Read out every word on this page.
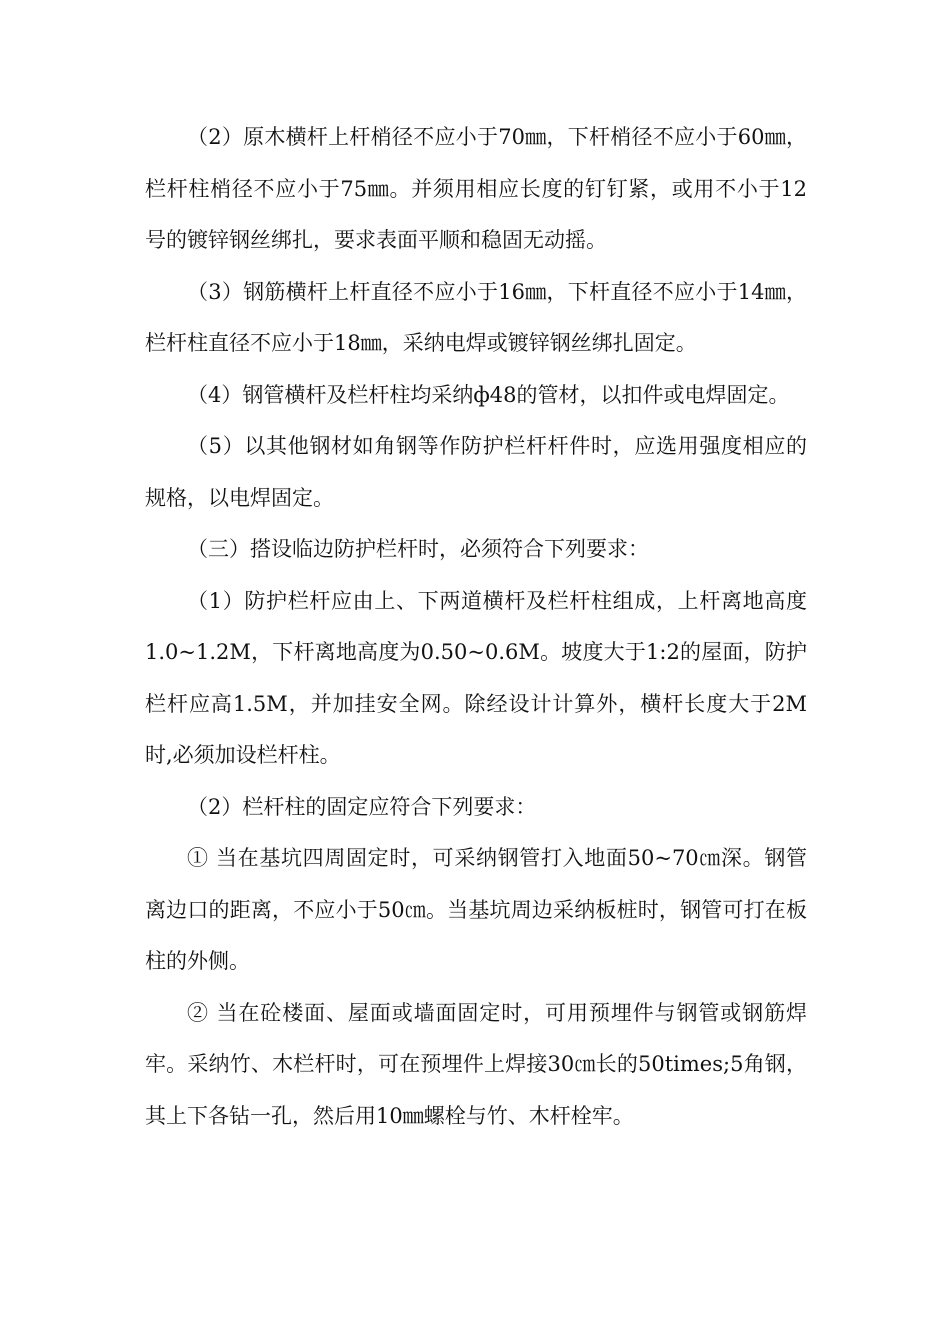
（2）原木横杆上杆梢径不应小于70㎜，下杆梢径不应小于60㎜，栏杆柱梢径不应小于75㎜。并须用相应长度的钉钉紧，或用不小于12号的镀锌钢丝绑扎，要求表面平顺和稳固无动摇。

（3）钢筋横杆上杆直径不应小于16㎜，下杆直径不应小于14㎜，栏杆柱直径不应小于18㎜，采纳电焊或镀锌钢丝绑扎固定。

（4）钢管横杆及栏杆柱均采纳ф48的管材，以扣件或电焊固定。

（5）以其他钢材如角钢等作防护栏杆杆件时，应选用强度相应的规格，以电焊固定。

（三）搭设临边防护栏杆时，必须符合下列要求：

（1）防护栏杆应由上、下两道横杆及栏杆柱组成，上杆离地高度1.0~1.2M，下杆离地高度为0.50~0.6M。坡度大于1:2的屋面，防护栏杆应高1.5M，并加挂安全网。除经设计计算外，横杆长度大于2M时,必须加设栏杆柱。

（2）栏杆柱的固定应符合下列要求：

① 当在基坑四周固定时，可采纳钢管打入地面50~70㎝深。钢管离边口的距离，不应小于50㎝。当基坑周边采纳板桩时，钢管可打在板柱的外侧。

② 当在砼楼面、屋面或墙面固定时，可用预埋件与钢管或钢筋焊牢。采纳竹、木栏杆时，可在预埋件上焊接30㎝长的50times;5角钢，其上下各钻一孔，然后用10㎜螺栓与竹、木杆栓牢。
